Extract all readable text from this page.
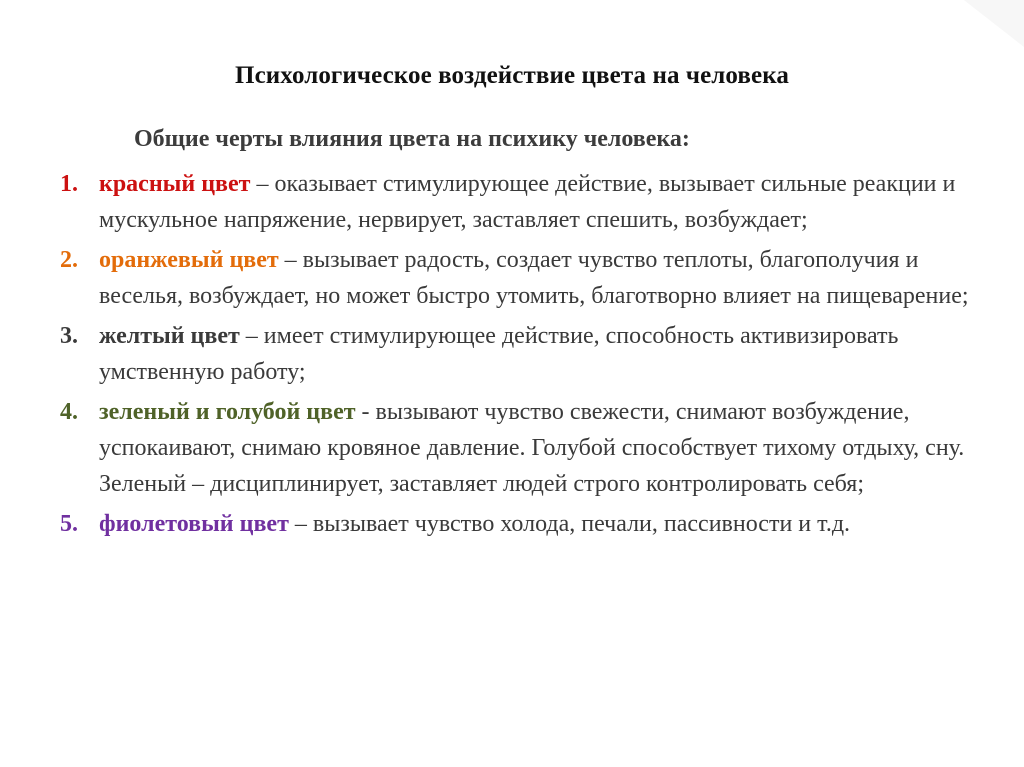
Психологическое воздействие цвета на человека
Общие черты влияния цвета на психику человека:
1. красный цвет – оказывает стимулирующее действие, вызывает сильные реакции и мускульное напряжение, нервирует, заставляет спешить, возбуждает;
2. оранжевый цвет – вызывает радость, создает чувство теплоты, благополучия и веселья, возбуждает, но может быстро утомить, благотворно влияет на пищеварение;
3. желтый цвет – имеет стимулирующее действие, способность активизировать умственную работу;
4. зеленый и голубой цвет - вызывают чувство свежести, снимают возбуждение, успокаивают, снимаю кровяное давление. Голубой способствует тихому отдыху, сну. Зеленый – дисциплинирует, заставляет людей строго контролировать себя;
5. фиолетовый цвет – вызывает чувство холода, печали, пассивности и т.д.
